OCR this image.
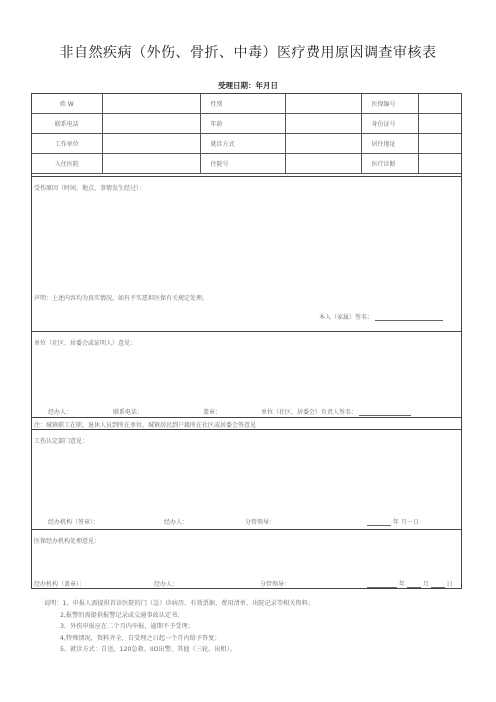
非自然疾病（外伤、骨折、中毒）医疗费用原因调查审核表
受理日期：年月日
姓 W		性别		医保编号	
联系电话		年龄		身份证号	
工作单位		就诊方式		居住地址	
入住医院		住院号		医疗诊断	
受伤原因（时间、地点、事情发生经过）：
声明：上述内容均为真实情况，如有不实愿担医保有关规定处理。
本人（家属）签名：
单位（社区、居委会或证明人）意见：
经办人：	联系电话：	盖章：	单位（社区、居委会）负责人签名：
注：城镇职工在职、退休人员到所在单位，城镇居民到户籍所在社区或居委会签意见
工伤认定部门意见：
经办机构（签章）：	经办人：	分管领导：	年 月一日
医保经办机构处理意见：
经办机构（盖章）：	经办人：	分管领导：	年	月	日
说明：1、申报人需提供首诊医院的门（急）诊病历、有效票据、费用清单、出院记录等相关资料；
2,报警的需提供报警记录或交通事故认定书；
3、外伤申报应在二个月内申报，逾期不予受理；
4,特殊情况，资料齐全，自受理之日起一个月内给予答复；
5、就诊方式：自送、120急救、IIO出警、其他（三轮、出租）。
